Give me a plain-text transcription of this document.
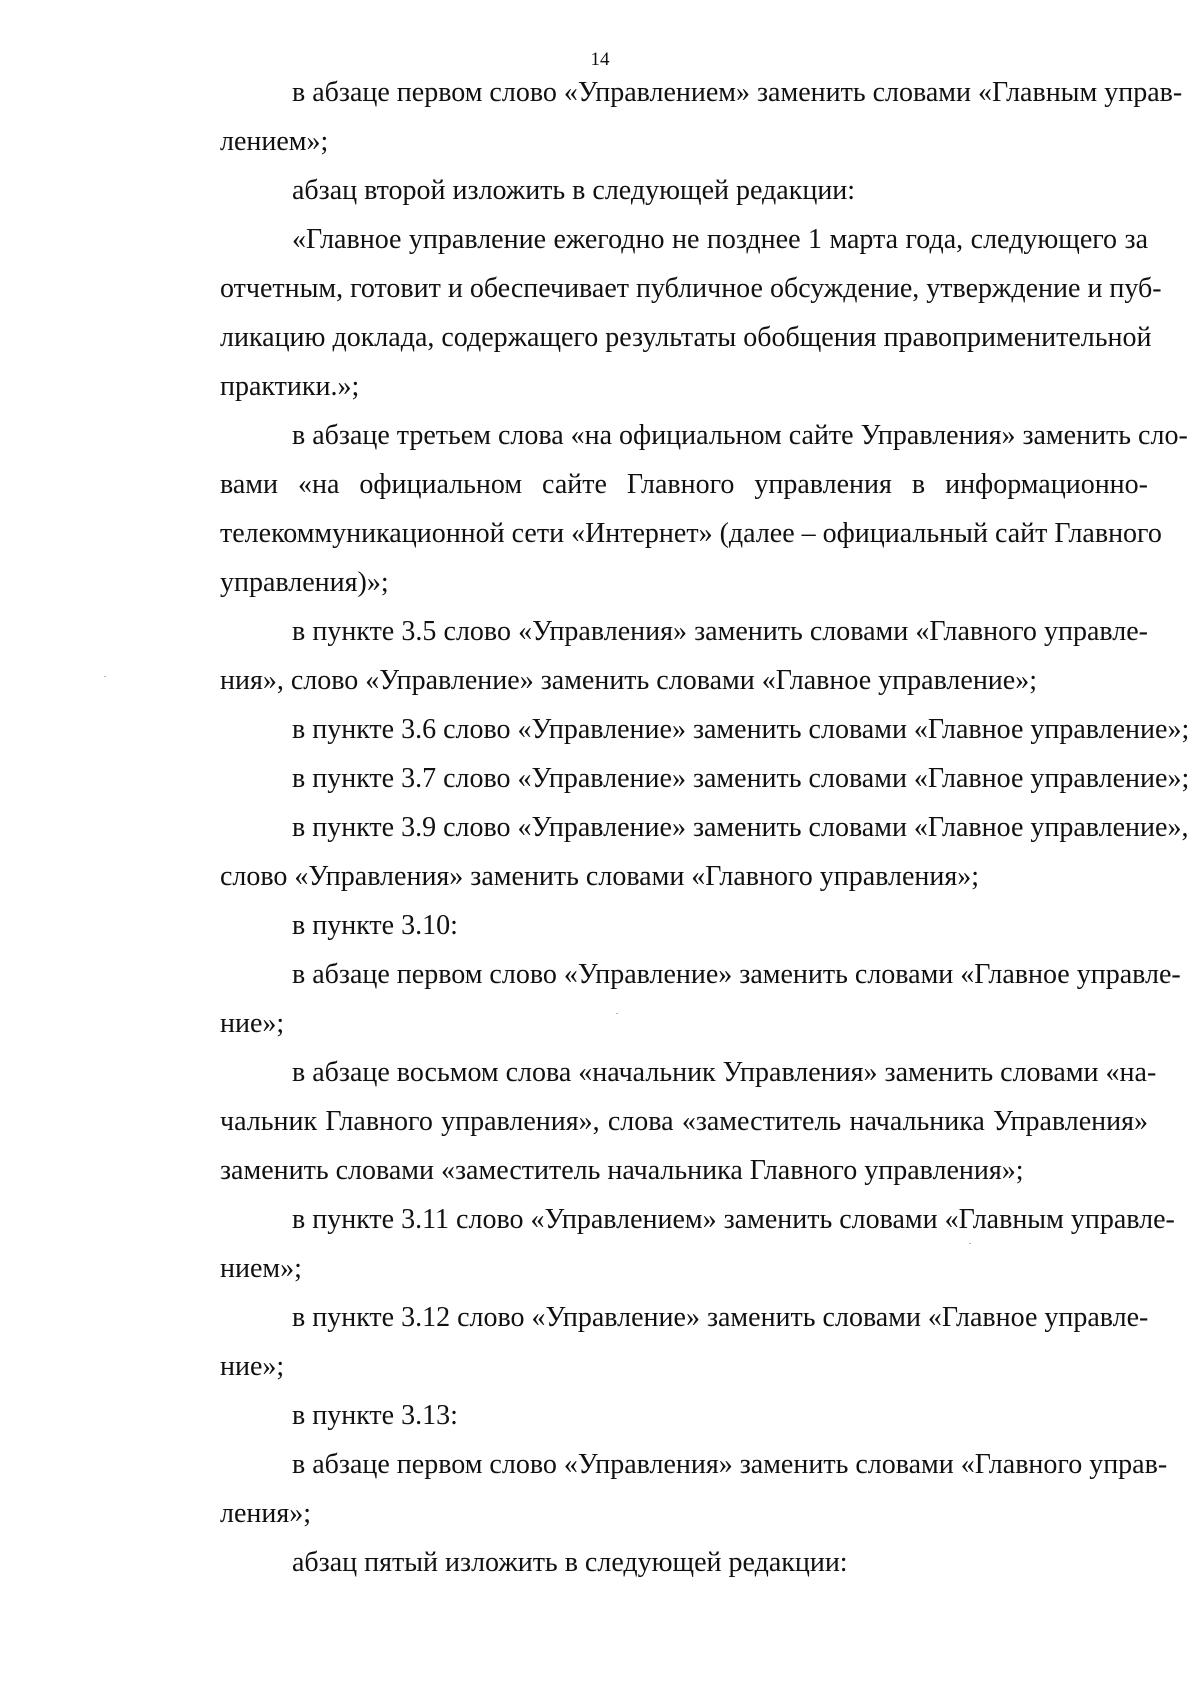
14

в абзаце первом слово «Управлением» заменить словами «Главным управ-
лением»;

абзац второй изложить в следующей редакции:

«Главное управление ежегодно не позднее 1 марта года, следующего за
отчетным, готовит и обеспечивает публичное обсуждение, утверждение и пуб-
ликацию доклада, содержащего результаты обобщения правоприменительной
практики.»;

в абзаце третьем слова «на официальном сайте Управления» заменить сло-
вами «на официальном сайте Главного управления в информационно-
телекоммуникационной сети «Интернет» (далее – официальный сайт Главного
управления)»;

в пункте 3.5 слово «Управления» заменить словами «Главного управле-
ния», слово «Управление» заменить словами «Главное управление»;

в пункте 3.6 слово «Управление» заменить словами «Главное управление»;

в пункте 3.7 слово «Управление» заменить словами «Главное управление»;

в пункте 3.9 слово «Управление» заменить словами «Главное управление»,
слово «Управления» заменить словами «Главного управления»;

в пункте 3.10:

в абзаце первом слово «Управление» заменить словами «Главное управле-
ние»;

в абзаце восьмом слова «начальник Управления» заменить словами «на-
чальник Главного управления», слова «заместитель начальника Управления»
заменить словами «заместитель начальника Главного управления»;

в пункте 3.11 слово «Управлением» заменить словами «Главным управле-
нием»;

в пункте 3.12 слово «Управление» заменить словами «Главное управле-
ние»;

в пункте 3.13:

в абзаце первом слово «Управления» заменить словами «Главного управ-
ления»;

абзац пятый изложить в следующей редакции:
